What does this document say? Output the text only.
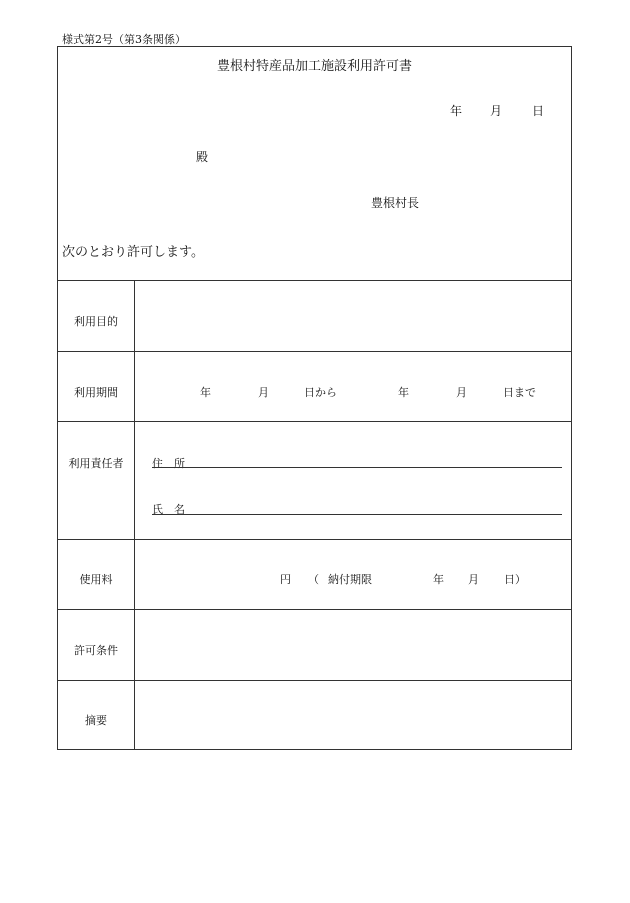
様式第2号（第3条関係）
豊根村特産品加工施設利用許可書
年 月 日
殿
豊根村長
次のとおり許可します。
利用目的
利用期間	年	月	日から	年	月	日まで
利用責任者	住　所
氏　名
使用料	円 （ 納付期限	年 月 日）
許可条件
摘要
